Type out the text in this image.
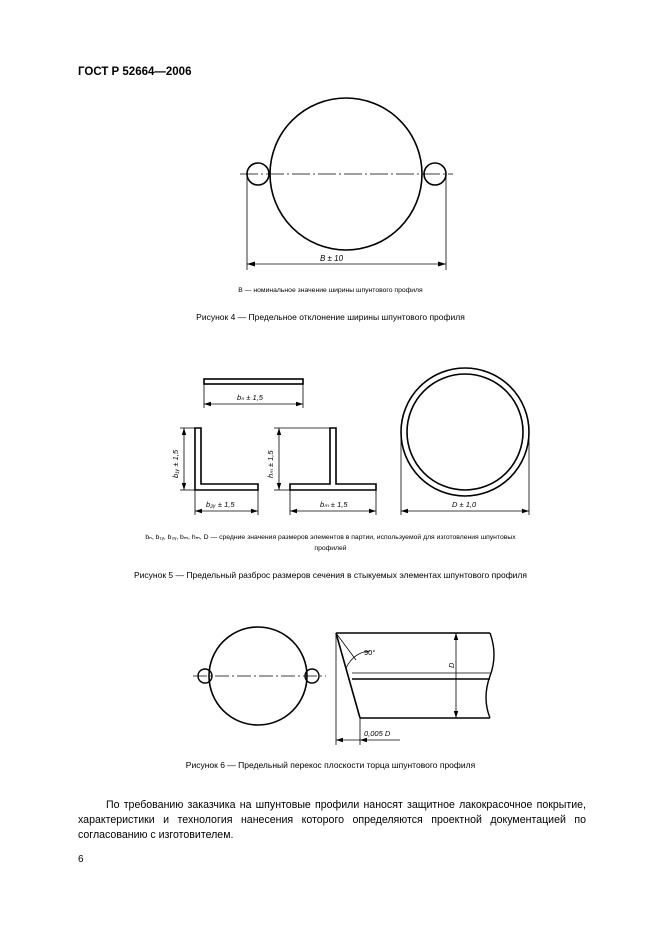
ГОСТ Р 52664—2006
B ± 10
B — номинальное значение ширины шпунтового профиля
Рисунок 4 — Предельное отклонение ширины шпунтового профиля
b₁ᵧ ± 1,5	hₘ ± 1,5
bₙ ± 1,5
b₂ᵧ ± 1,5	bₘ ± 1,5	D ± 1,0
bₙ, b₁ᵧ, b₂ᵧ, bₘ, hₘ, D — средние значения размеров элементов в партии, используемой для изготовления шпунтовых
профилей
Рисунок 5 — Предельный разброс размеров сечения в стыкуемых элементах шпунтового профиля
90°
D
0,005 D
Рисунок 6 — Предельный перекос плоскости торца шпунтового профиля

По требованию заказчика на шпунтовые профили наносят защитное лакокрасочное покрытие, характеристики и технология нанесения которого определяются проектной документацией по согласованию с изготовителем.

6
